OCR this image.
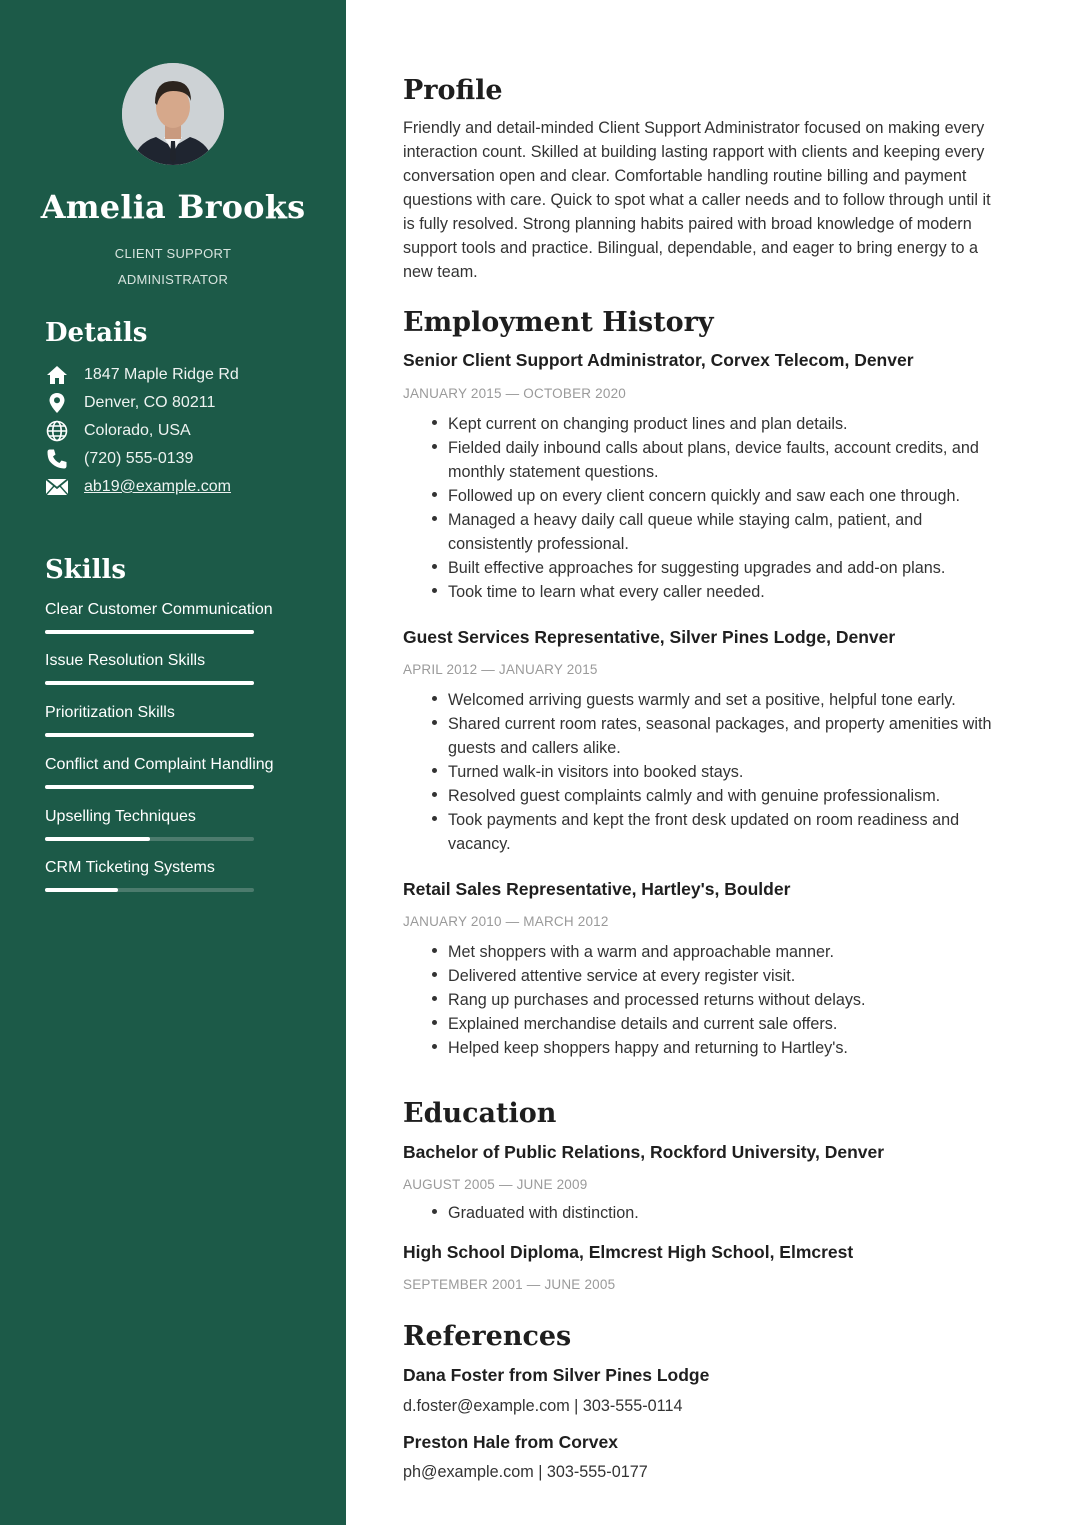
Amelia Brooks
CLIENT SUPPORT
ADMINISTRATOR
Details
1847 Maple Ridge Rd
Denver, CO 80211
Colorado, USA
(720) 555-0139
ab19@example.com
Skills
Clear Customer Communication
Issue Resolution Skills
Prioritization Skills
Conflict and Complaint Handling
Upselling Techniques
CRM Ticketing Systems
Profile
Friendly and detail-minded Client Support Administrator focused on making every
interaction count. Skilled at building lasting rapport with clients and keeping every
conversation open and clear. Comfortable handling routine billing and payment
questions with care. Quick to spot what a caller needs and to follow through until it
is fully resolved. Strong planning habits paired with broad knowledge of modern
support tools and practice. Bilingual, dependable, and eager to bring energy to a
new team.
Employment History
Senior Client Support Administrator, Corvex Telecom, Denver
JANUARY 2015 — OCTOBER 2020
Kept current on changing product lines and plan details.
Fielded daily inbound calls about plans, device faults, account credits, and
monthly statement questions.
Followed up on every client concern quickly and saw each one through.
Managed a heavy daily call queue while staying calm, patient, and
consistently professional.
Built effective approaches for suggesting upgrades and add-on plans.
Took time to learn what every caller needed.
Guest Services Representative, Silver Pines Lodge, Denver
APRIL 2012 — JANUARY 2015
Welcomed arriving guests warmly and set a positive, helpful tone early.
Shared current room rates, seasonal packages, and property amenities with
guests and callers alike.
Turned walk-in visitors into booked stays.
Resolved guest complaints calmly and with genuine professionalism.
Took payments and kept the front desk updated on room readiness and
vacancy.
Retail Sales Representative, Hartley's, Boulder
JANUARY 2010 — MARCH 2012
Met shoppers with a warm and approachable manner.
Delivered attentive service at every register visit.
Rang up purchases and processed returns without delays.
Explained merchandise details and current sale offers.
Helped keep shoppers happy and returning to Hartley's.
Education
Bachelor of Public Relations, Rockford University, Denver
AUGUST 2005 — JUNE 2009
Graduated with distinction.
High School Diploma, Elmcrest High School, Elmcrest
SEPTEMBER 2001 — JUNE 2005
References
Dana Foster from Silver Pines Lodge
d.foster@example.com | 303-555-0114
Preston Hale from Corvex
ph@example.com | 303-555-0177
